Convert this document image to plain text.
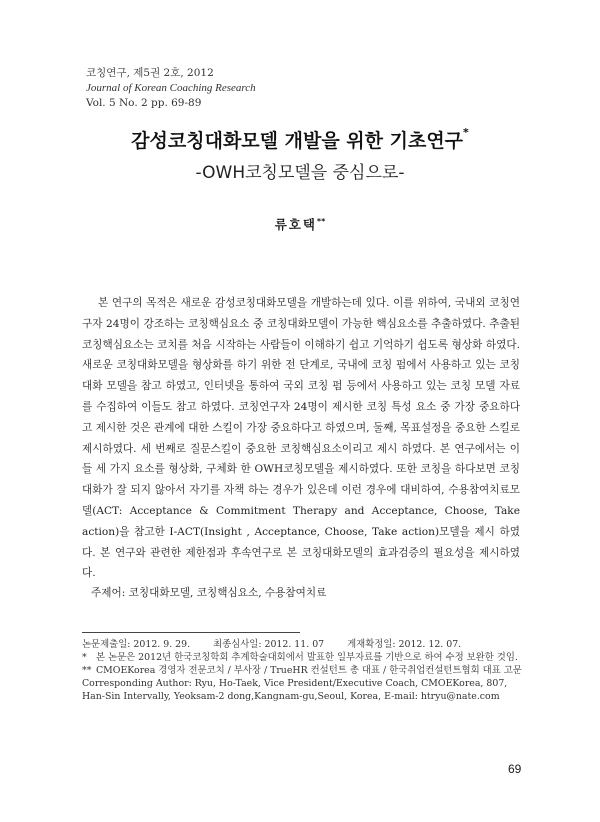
코칭연구, 제5권 2호, 2012
Journal of Korean Coaching Research
Vol. 5 No. 2 pp. 69-89
감성코칭대화모델 개발을 위한 기초연구*
-OWH코칭모델을 중심으로-
류호택**
본 연구의 목적은 새로운 감성코칭대화모델을 개발하는데 있다. 이를 위하여, 국내외 코칭연구자 24명이 강조하는 코칭핵심요소 중 코칭대화모델이 가능한 핵심요소를 추출하였다. 추출된 코칭핵심요소는 코치를 처음 시작하는 사람들이 이해하기 쉽고 기억하기 쉽도록 형상화 하였다. 새로운 코칭대화모델을 형상화를 하기 위한 전 단계로, 국내에 코칭 펌에서 사용하고 있는 코칭 대화 모델을 참고 하였고, 인터넷을 통하여 국외 코칭 펌 등에서 사용하고 있는 코칭 모델 자료를 수집하여 이들도 참고 하였다. 코칭연구자 24명이 제시한 코칭 특성 요소 중 가장 중요하다고 제시한 것은 관계에 대한 스킬이 가장 중요하다고 하였으며, 둘째, 목표설정을 중요한 스킬로 제시하였다. 세 번째로 질문스킬이 중요한 코칭핵심요소이리고 제시 하였다. 본 연구에서는 이들 세 가지 요소를 형상화, 구체화 한 OWH코칭모델을 제시하였다. 또한 코칭을 하다보면 코칭대화가 잘 되지 않아서 자기를 자책 하는 경우가 있은데 이런 경우에 대비하여, 수용참여치료모델(ACT: Acceptance & Commitment Therapy and Acceptance, Choose, Take action)을 참고한 I-ACT(Insight , Acceptance, Choose, Take action)모델을 제시 하였다. 본 연구와 관련한 제한점과 후속연구로 본 코칭대화모델의 효과검증의 필요성을 제시하였다.
주제어: 코칭대화모델, 코칭핵심요소, 수용참여치료
논문제출일: 2012. 9. 29. 최종심사일: 2012. 11. 07 게재확정일: 2012. 12. 07.
* 본 논문은 2012년 한국코칭학회 추계학술대회에서 발표한 일부자료를 기반으로 하여 수정 보완한 것임.
** CMOEKorea 경영자 전문코치 / 부사장 / TrueHR 컨설턴트 총 대표 / 한국취업컨설턴트협회 대표 고문
Corresponding Author: Ryu, Ho-Taek, Vice President/Executive Coach, CMOEKorea, 807, Han-Sin Intervally, Yeoksam-2 dong,Kangnam-gu,Seoul, Korea, E-mail: htryu@nate.com
69
